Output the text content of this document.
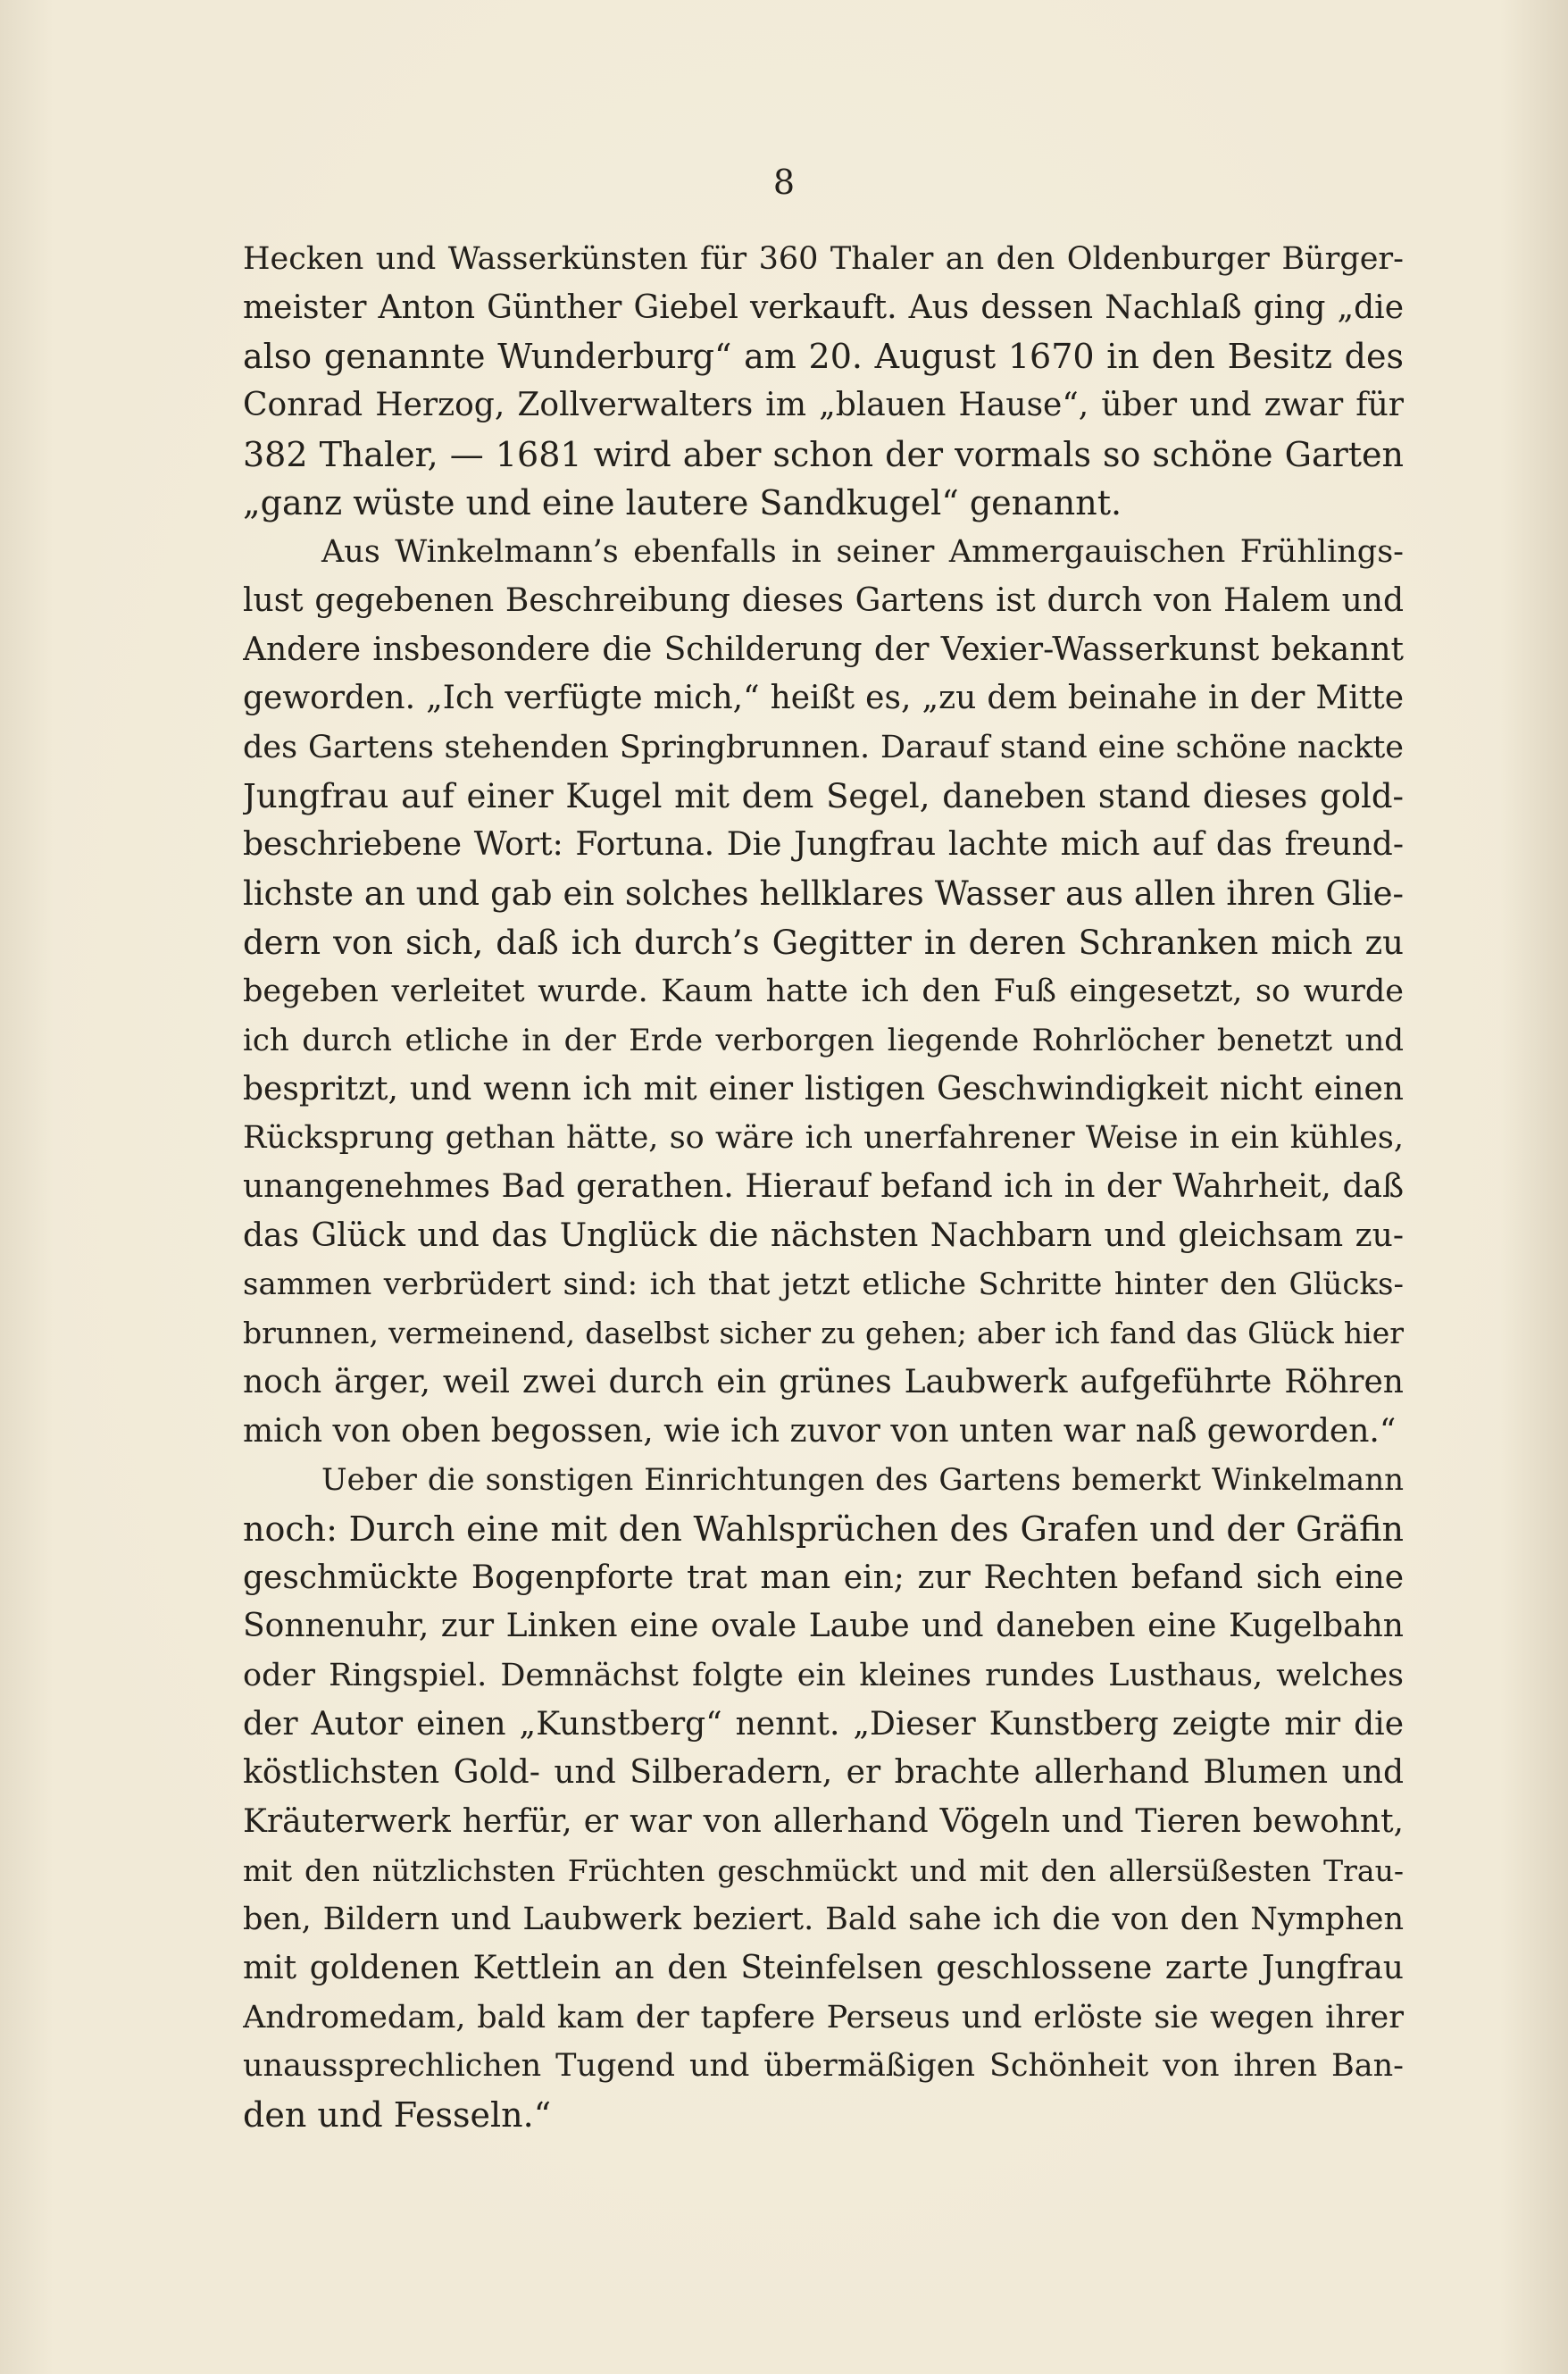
8
Hecken und Wasserkünsten für 360 Thaler an den Oldenburger Bürger-
meister Anton Günther Giebel verkauft. Aus dessen Nachlaß ging „die
also genannte Wunderburg“ am 20. August 1670 in den Besitz des
Conrad Herzog, Zollverwalters im „blauen Hause“, über und zwar für
382 Thaler, — 1681 wird aber schon der vormals so schöne Garten
„ganz wüste und eine lautere Sandkugel“ genannt.
Aus Winkelmann’s ebenfalls in seiner Ammergauischen Frühlings-
lust gegebenen Beschreibung dieses Gartens ist durch von Halem und
Andere insbesondere die Schilderung der Vexier-Wasserkunst bekannt
geworden. „Ich verfügte mich,“ heißt es, „zu dem beinahe in der Mitte
des Gartens stehenden Springbrunnen. Darauf stand eine schöne nackte
Jungfrau auf einer Kugel mit dem Segel, daneben stand dieses gold-
beschriebene Wort: Fortuna. Die Jungfrau lachte mich auf das freund-
lichste an und gab ein solches hellklares Wasser aus allen ihren Glie-
dern von sich, daß ich durch’s Gegitter in deren Schranken mich zu
begeben verleitet wurde. Kaum hatte ich den Fuß eingesetzt, so wurde
ich durch etliche in der Erde verborgen liegende Rohrlöcher benetzt und
bespritzt, und wenn ich mit einer listigen Geschwindigkeit nicht einen
Rücksprung gethan hätte, so wäre ich unerfahrener Weise in ein kühles,
unangenehmes Bad gerathen. Hierauf befand ich in der Wahrheit, daß
das Glück und das Unglück die nächsten Nachbarn und gleichsam zu-
sammen verbrüdert sind: ich that jetzt etliche Schritte hinter den Glücks-
brunnen, vermeinend, daselbst sicher zu gehen; aber ich fand das Glück hier
noch ärger, weil zwei durch ein grünes Laubwerk aufgeführte Röhren
mich von oben begossen, wie ich zuvor von unten war naß geworden.“
Ueber die sonstigen Einrichtungen des Gartens bemerkt Winkelmann
noch: Durch eine mit den Wahlsprüchen des Grafen und der Gräfin
geschmückte Bogenpforte trat man ein; zur Rechten befand sich eine
Sonnenuhr, zur Linken eine ovale Laube und daneben eine Kugelbahn
oder Ringspiel. Demnächst folgte ein kleines rundes Lusthaus, welches
der Autor einen „Kunstberg“ nennt. „Dieser Kunstberg zeigte mir die
köstlichsten Gold- und Silberadern, er brachte allerhand Blumen und
Kräuterwerk herfür, er war von allerhand Vögeln und Tieren bewohnt,
mit den nützlichsten Früchten geschmückt und mit den allersüßesten Trau-
ben, Bildern und Laubwerk beziert. Bald sahe ich die von den Nymphen
mit goldenen Kettlein an den Steinfelsen geschlossene zarte Jungfrau
Andromedam, bald kam der tapfere Perseus und erlöste sie wegen ihrer
unaussprechlichen Tugend und übermäßigen Schönheit von ihren Ban-
den und Fesseln.“
